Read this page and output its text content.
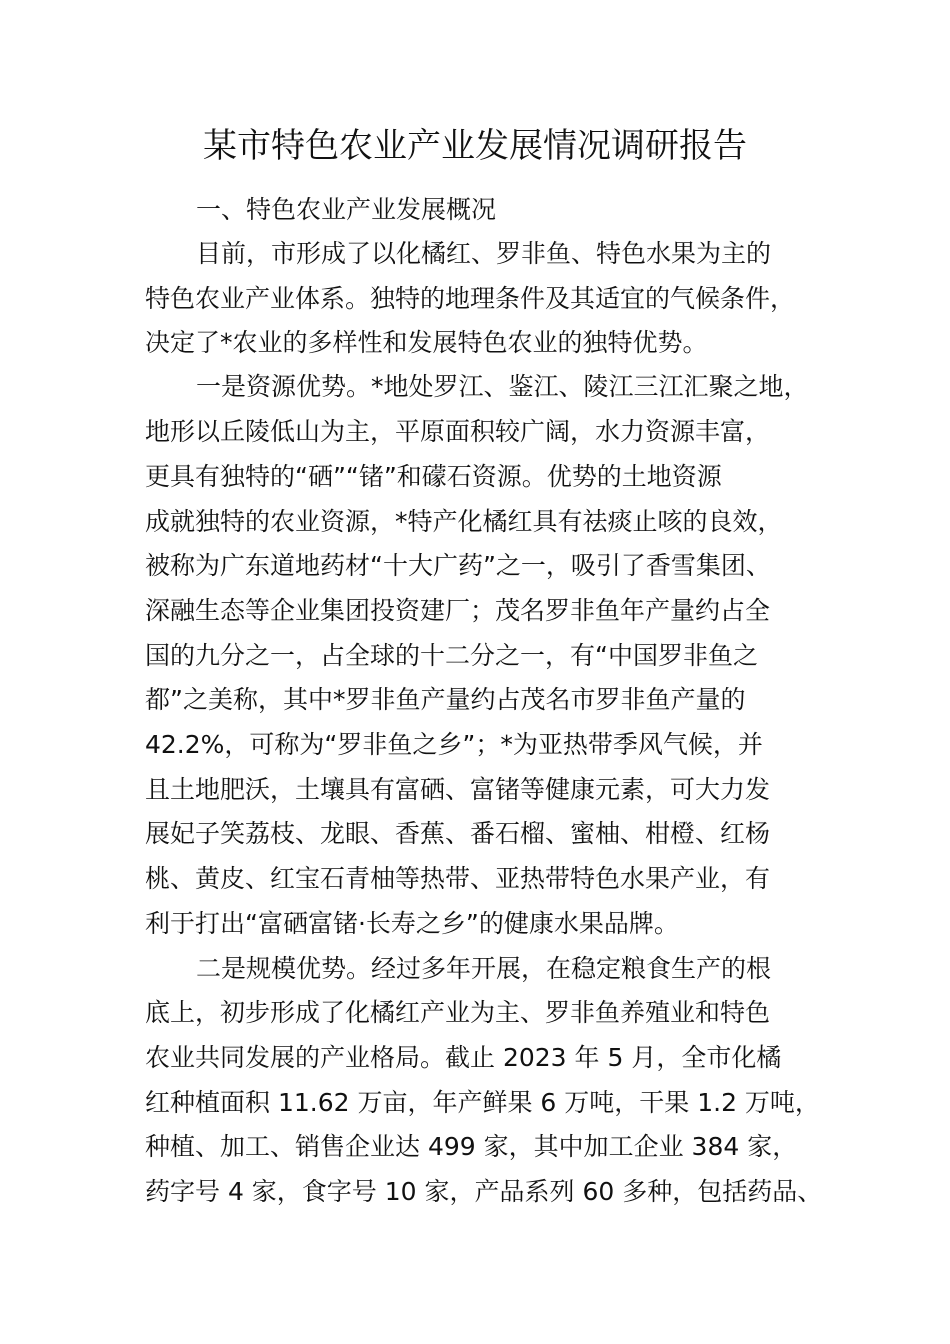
某市特色农业产业发展情况调研报告
一、特色农业产业发展概况
目前，市形成了以化橘红、罗非鱼、特色水果为主的
特色农业产业体系。独特的地理条件及其适宜的气候条件，
决定了*农业的多样性和发展特色农业的独特优势。
一是资源优势。*地处罗江、鉴江、陵江三江汇聚之地，
地形以丘陵低山为主，平原面积较广阔，水力资源丰富，
更具有独特的“硒”“锗”和礞石资源。优势的土地资源
成就独特的农业资源，*特产化橘红具有祛痰止咳的良效，
被称为广东道地药材“十大广药”之一，吸引了香雪集团、
深融生态等企业集团投资建厂；茂名罗非鱼年产量约占全
国的九分之一，占全球的十二分之一，有“中国罗非鱼之
都”之美称，其中*罗非鱼产量约占茂名市罗非鱼产量的
42.2%，可称为“罗非鱼之乡”；*为亚热带季风气候，并
且土地肥沃，土壤具有富硒、富锗等健康元素，可大力发
展妃子笑荔枝、龙眼、香蕉、番石榴、蜜柚、柑橙、红杨
桃、黄皮、红宝石青柚等热带、亚热带特色水果产业，有
利于打出“富硒富锗·长寿之乡”的健康水果品牌。
二是规模优势。经过多年开展，在稳定粮食生产的根
底上，初步形成了化橘红产业为主、罗非鱼养殖业和特色
农业共同发展的产业格局。截止 2023 年 5 月，全市化橘
红种植面积 11.62 万亩，年产鲜果 6 万吨，干果 1.2 万吨，
种植、加工、销售企业达 499 家，其中加工企业 384 家，
药字号 4 家，食字号 10 家，产品系列 60 多种，包括药品、
